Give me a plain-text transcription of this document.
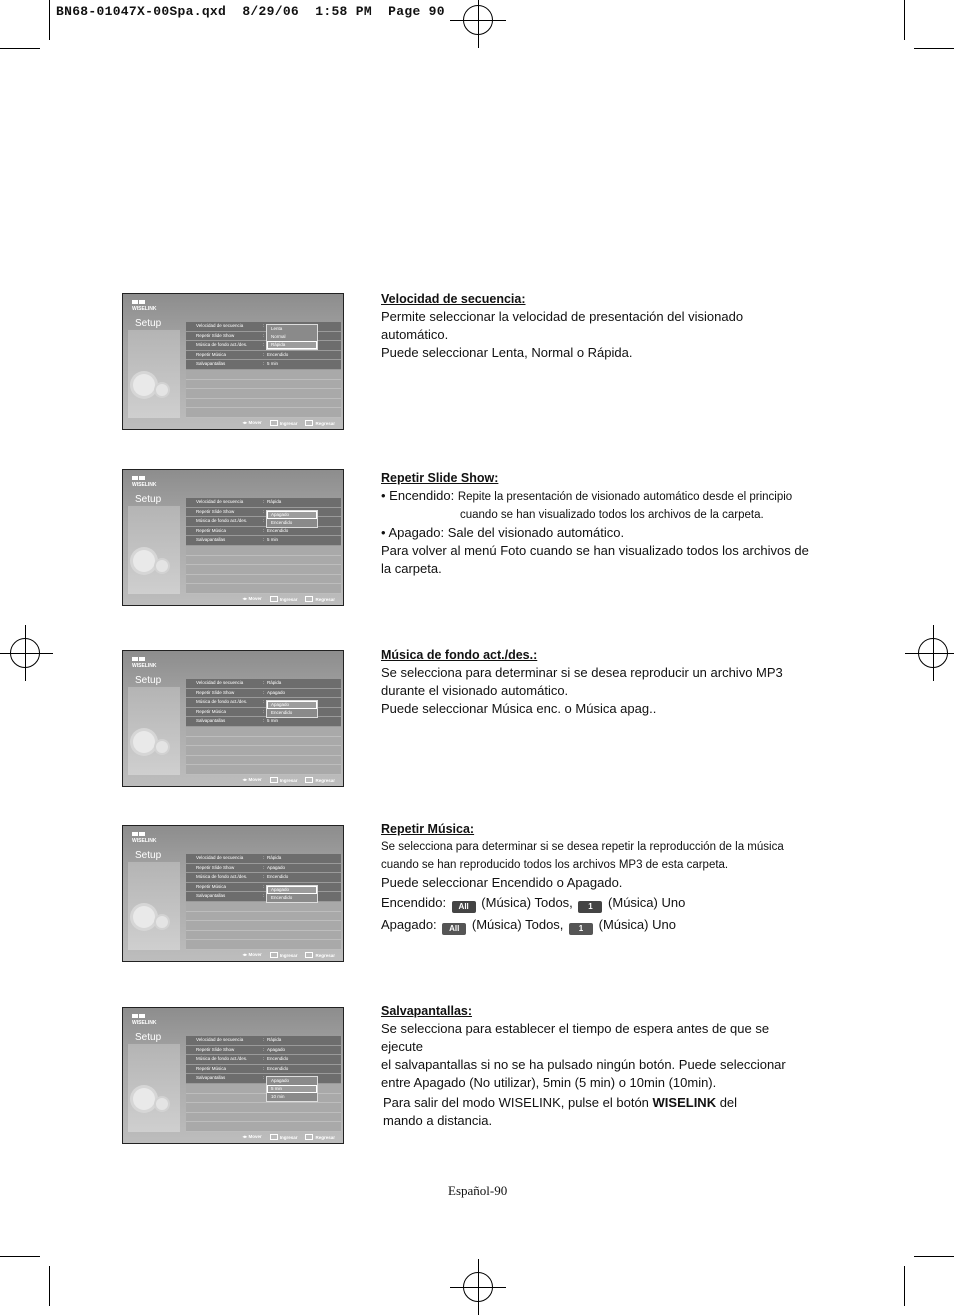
BN68-01047X-00Spa.qxd  8/29/06  1:58 PM  Page 90

WISELINK
Setup	Velocidad de secuencia	:
Repetir Slide Show	:
Música de fondo act./des.	:
Repetir Música	: Encendido
Salvapantallas	: 5 min
Lenta
Normal
Rápida
◂▸ Mover	Ingresar	Regresar

WISELINK
Setup	Velocidad de secuencia	: Rápida
Repetir Slide Show	:
Música de fondo act./des.	:
Repetir Música	: Encendido
Salvapantallas	: 5 min
Apagado
Encendido
◂▸ Mover	Ingresar	Regresar

WISELINK
Setup	Velocidad de secuencia	: Rápida
Repetir Slide Show	: Apagado
Música de fondo act./des.	:
Repetir Música	:
Salvapantallas	: 5 min
Apagado
Encendido
◂▸ Mover	Ingresar	Regresar

WISELINK
Setup	Velocidad de secuencia	: Rápida
Repetir Slide Show	: Apagado
Música de fondo act./des.	: Encendido
Repetir Música	:
Salvapantallas	:
Apagado
Encendido
◂▸ Mover	Ingresar	Regresar

WISELINK
Setup	Velocidad de secuencia	: Rápida
Repetir Slide Show	: Apagado
Música de fondo act./des.	: Encendido
Repetir Música	: Encendido
Salvapantallas	:
Apagado
5 min
10 min
◂▸ Mover	Ingresar	Regresar
Velocidad de secuencia:

Permite seleccionar la velocidad de presentación del visionado automático.

Puede seleccionar Lenta, Normal o Rápida.

Repetir Slide Show:

• Encendido: Repite la presentación de visionado automático desde el principio

cuando se han visualizado todos los archivos de la carpeta.

• Apagado: Sale del visionado automático.

Para volver al menú Foto cuando se han visualizado todos los archivos de

la carpeta.

Música de fondo act./des.:

Se selecciona para determinar si se desea reproducir un archivo MP3

durante el visionado automático.

Puede seleccionar Música enc. o Música apag..

Repetir Música:

Se selecciona para determinar si se desea repetir la reproducción de la música

cuando se han reproducido todos los archivos MP3 de esta carpeta.

Puede seleccionar Encendido o Apagado.

Encendido: All (Música) Todos, 1 (Música) Uno

Apagado: All (Música) Todos, 1 (Música) Uno

Salvapantallas:

Se selecciona para establecer el tiempo de espera antes de que se ejecute

el salvapantallas si no se ha pulsado ningún botón. Puede seleccionar

entre Apagado (No utilizar), 5min (5 min) o 10min (10min).

Para salir del modo WISELINK, pulse el botón WISELINK del

mando a distancia.

Español-90
